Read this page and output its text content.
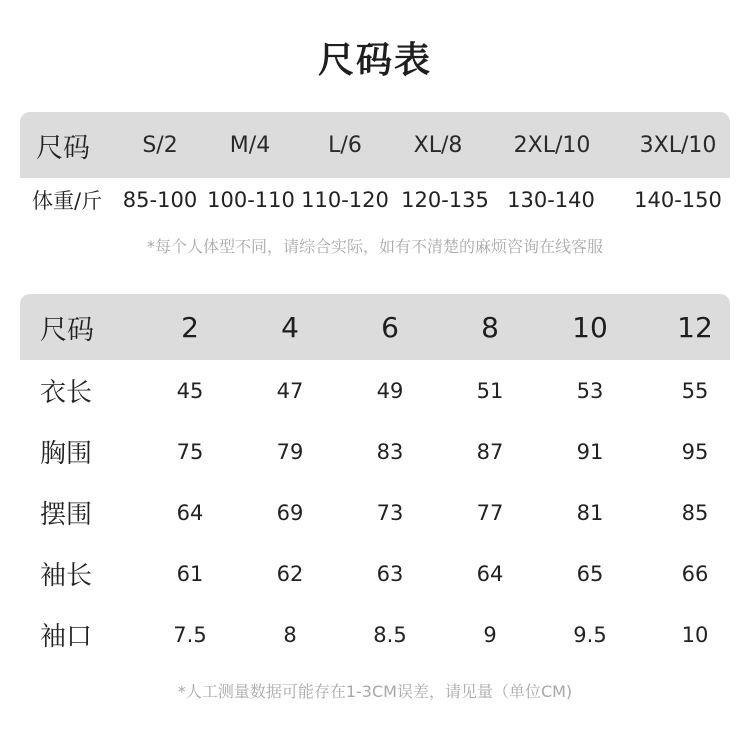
尺码表
尺码	S/2	M/4	L/6	XL/8	2XL/10	3XL/10
体重/斤 85-100 100-110 110-120 120-135 130-140 140-150
*每个人体型不同，请综合实际，如有不清楚的麻烦咨询在线客服
尺码	2	4	6	8	10	12
衣长	45	47	49	51	53	55
胸围	75	79	83	87	91	95
摆围	64	69	73	77	81	85
袖长	61	62	63	64	65	66
袖口	7.5	8	8.5	9	9.5	10
*人工测量数据可能存在1-3CM误差，请见量（单位CM)
